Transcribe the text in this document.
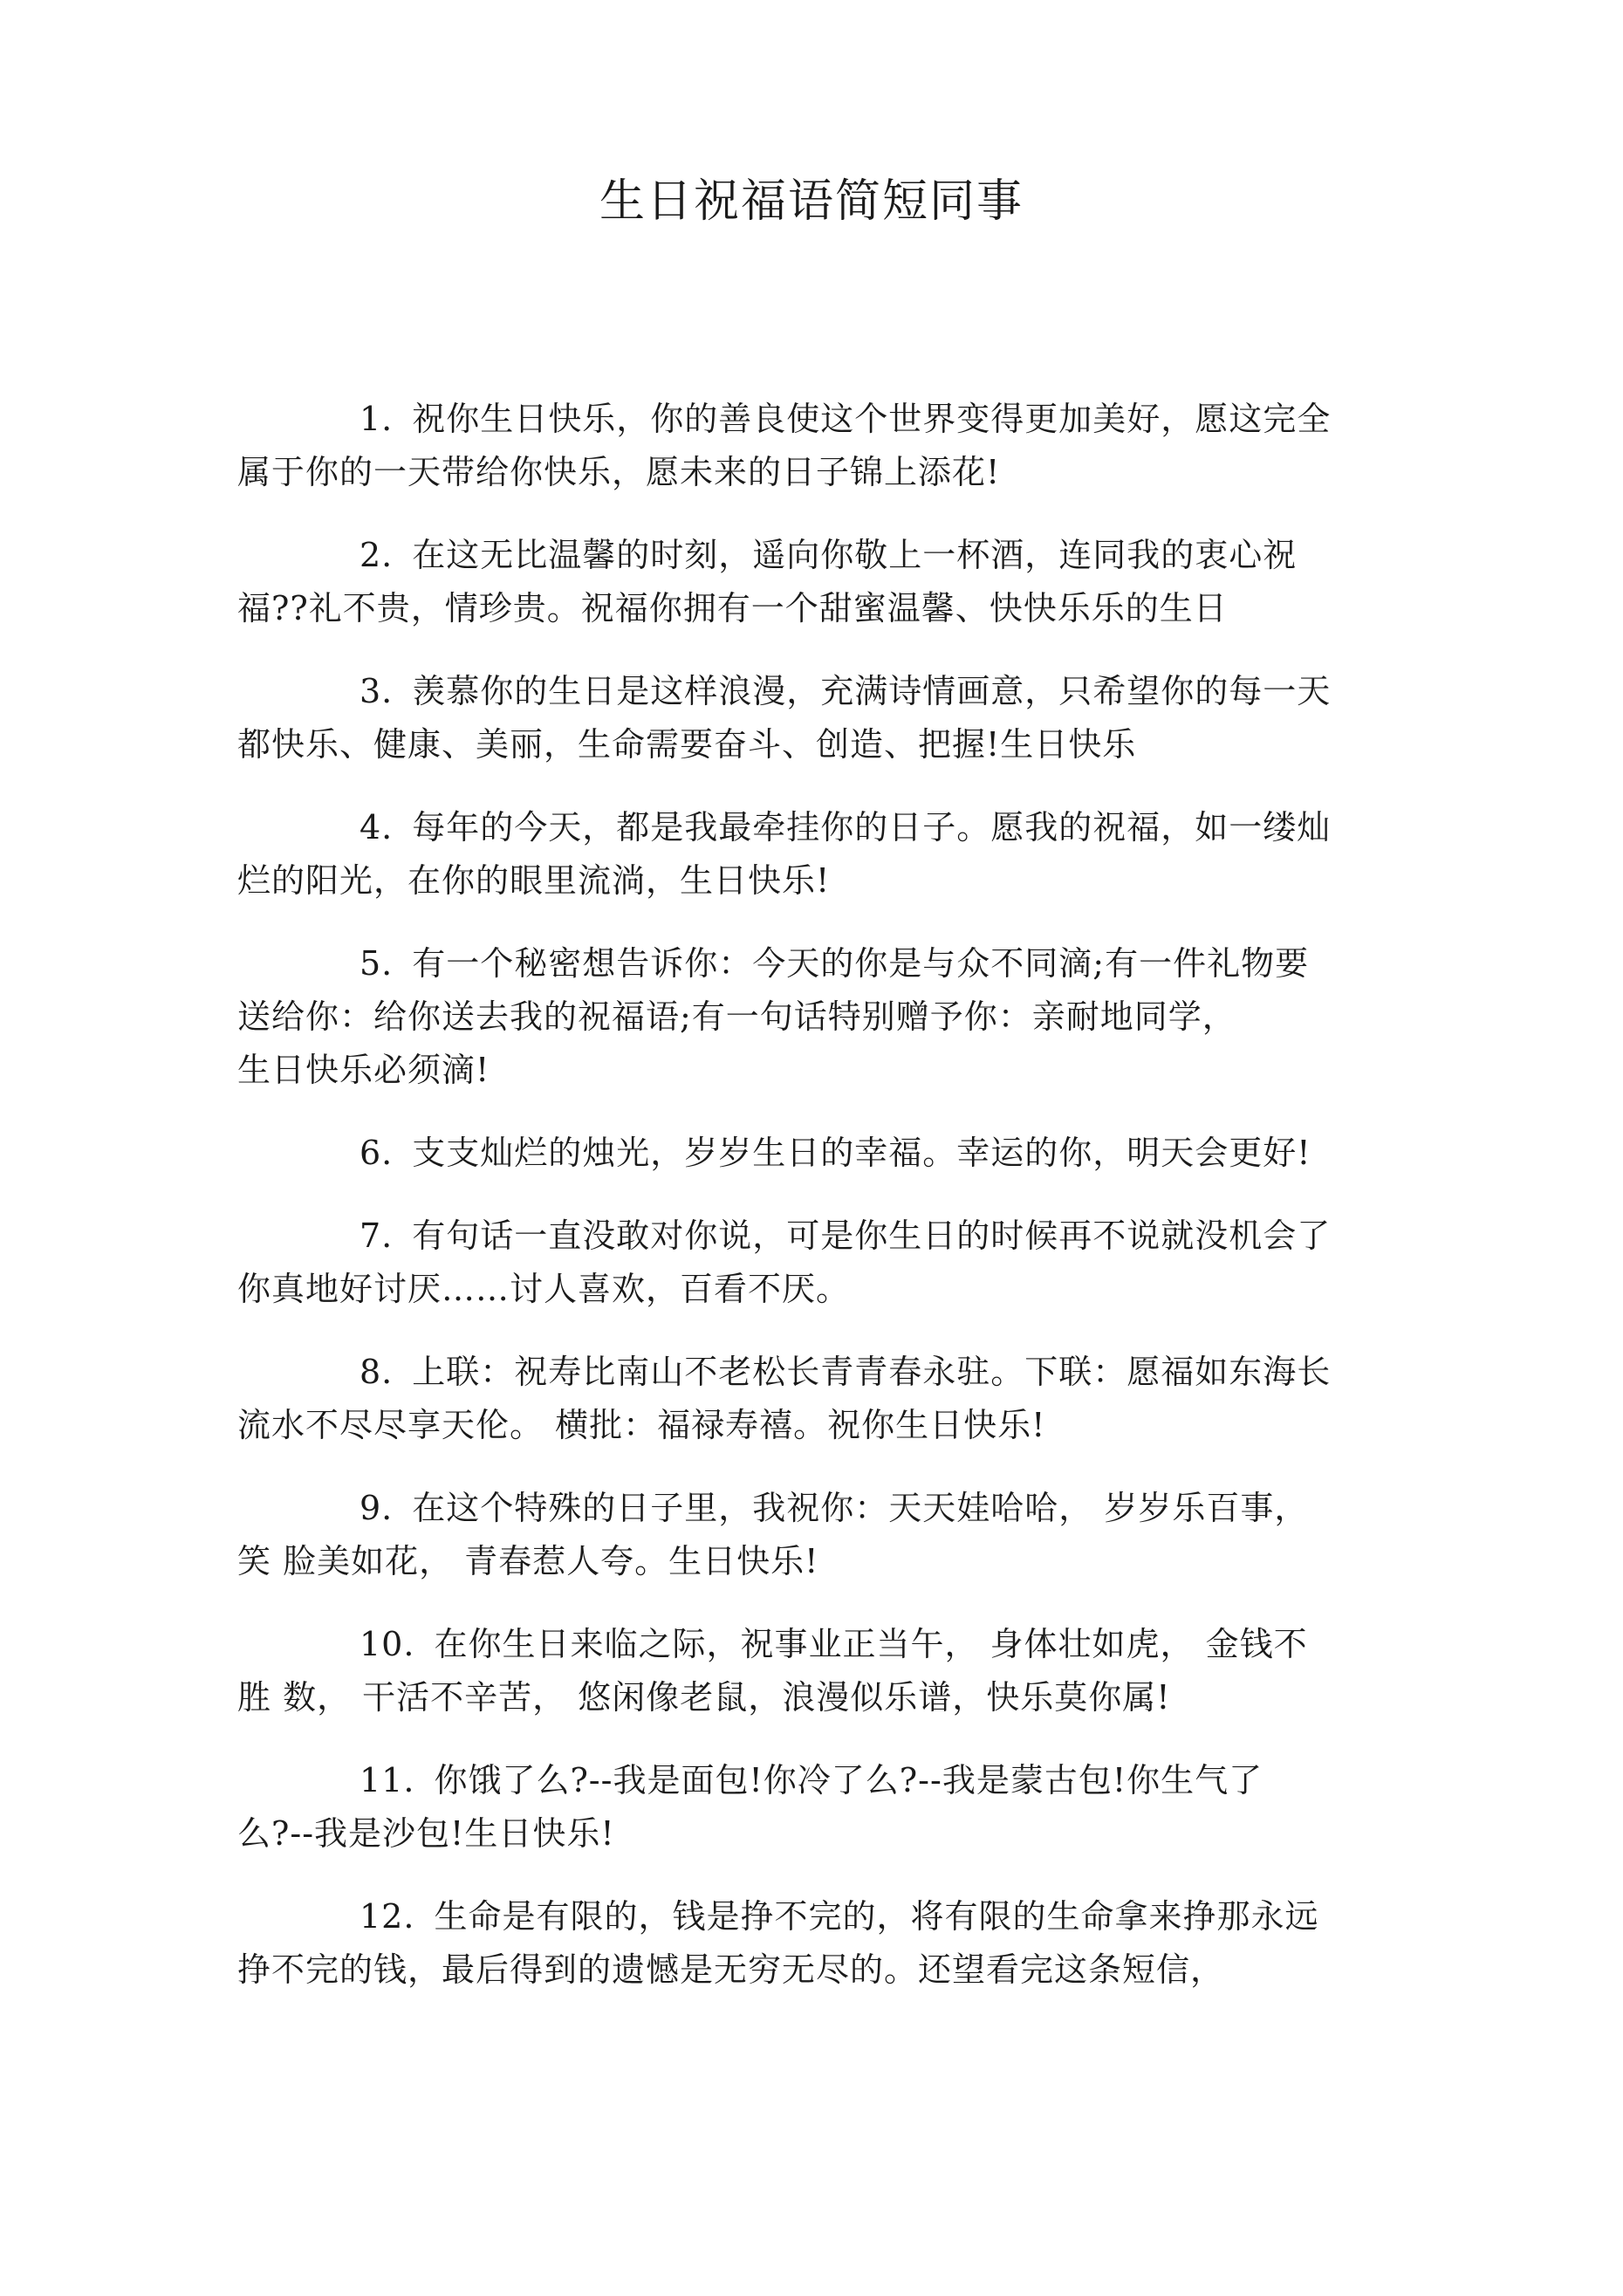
生日祝福语简短同事

1. 祝你生日快乐，你的善良使这个世界变得更加美好，愿这完全
属于你的一天带给你快乐，愿未来的日子锦上添花!

2. 在这无比温馨的时刻，遥向你敬上一杯酒，连同我的衷心祝
福??礼不贵，情珍贵。祝福你拥有一个甜蜜温馨、快快乐乐的生日

3. 羡慕你的生日是这样浪漫，充满诗情画意，只希望你的每一天
都快乐、健康、美丽，生命需要奋斗、创造、把握!生日快乐

4. 每年的今天，都是我最牵挂你的日子。愿我的祝福，如一缕灿
烂的阳光，在你的眼里流淌，生日快乐!

5. 有一个秘密想告诉你：今天的你是与众不同滴;有一件礼物要
送给你：给你送去我的祝福语;有一句话特别赠予你：亲耐地同学，
生日快乐必须滴!

6. 支支灿烂的烛光，岁岁生日的幸福。幸运的你，明天会更好!

7. 有句话一直没敢对你说，可是你生日的时候再不说就没机会了
你真地好讨厌……讨人喜欢，百看不厌。

8. 上联：祝寿比南山不老松长青青春永驻。下联：愿福如东海长
流水不尽尽享天伦。 横批：福禄寿禧。祝你生日快乐!

9. 在这个特殊的日子里，我祝你：天天娃哈哈， 岁岁乐百事，
笑 脸美如花， 青春惹人夸。生日快乐!

10. 在你生日来临之际，祝事业正当午， 身体壮如虎， 金钱不
胜 数， 干活不辛苦， 悠闲像老鼠，浪漫似乐谱，快乐莫你属!

11. 你饿了么?--我是面包!你冷了么?--我是蒙古包!你生气了
么?--我是沙包!生日快乐!

12. 生命是有限的，钱是挣不完的，将有限的生命拿来挣那永远
挣不完的钱，最后得到的遗憾是无穷无尽的。还望看完这条短信，
